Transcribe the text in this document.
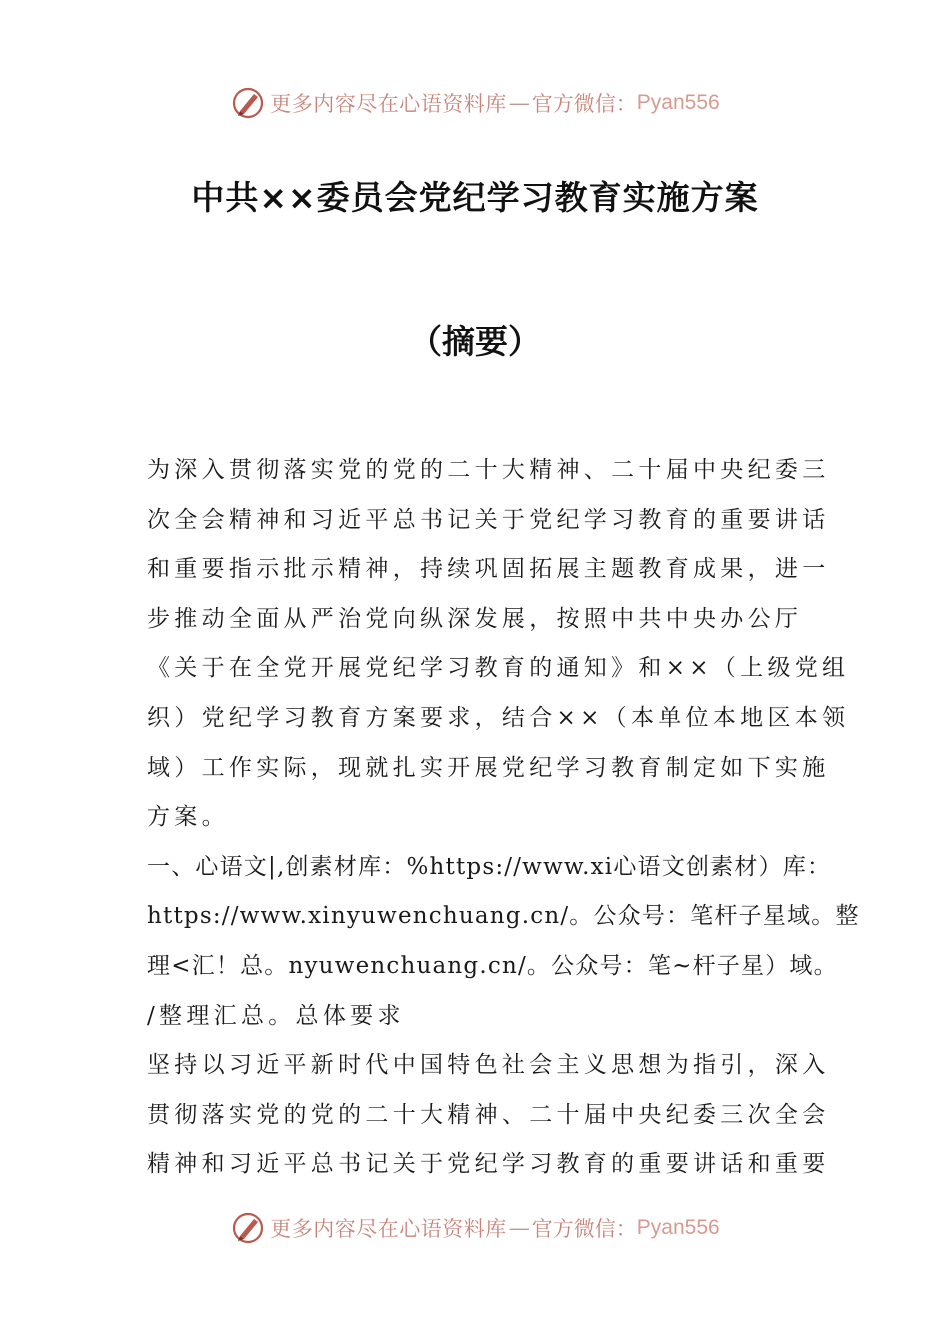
更多内容尽在心语资料库 — 官方微信： Pyan556
中共××委员会党纪学习教育实施方案
（摘要）
为深入贯彻落实党的党的二十大精神、二十届中央纪委三
次全会精神和习近平总书记关于党纪学习教育的重要讲话
和重要指示批示精神，持续巩固拓展主题教育成果，进一
步推动全面从严治党向纵深发展，按照中共中央办公厅
《关于在全党开展党纪学习教育的通知》和××（上级党组
织）党纪学习教育方案要求，结合××（本单位本地区本领
域）工作实际，现就扎实开展党纪学习教育制定如下实施
方案。
一、心语文|,创素材库：%https://www.xi心语文创素材）库：
https://www.xinyuwenchuang.cn/。公众号：笔杆子星域。整
理<汇！总。nyuwenchuang.cn/。公众号：笔~杆子星）域。
/整理汇总。总体要求
坚持以习近平新时代中国特色社会主义思想为指引，深入
贯彻落实党的党的二十大精神、二十届中央纪委三次全会
精神和习近平总书记关于党纪学习教育的重要讲话和重要
更多内容尽在心语资料库 — 官方微信： Pyan556
